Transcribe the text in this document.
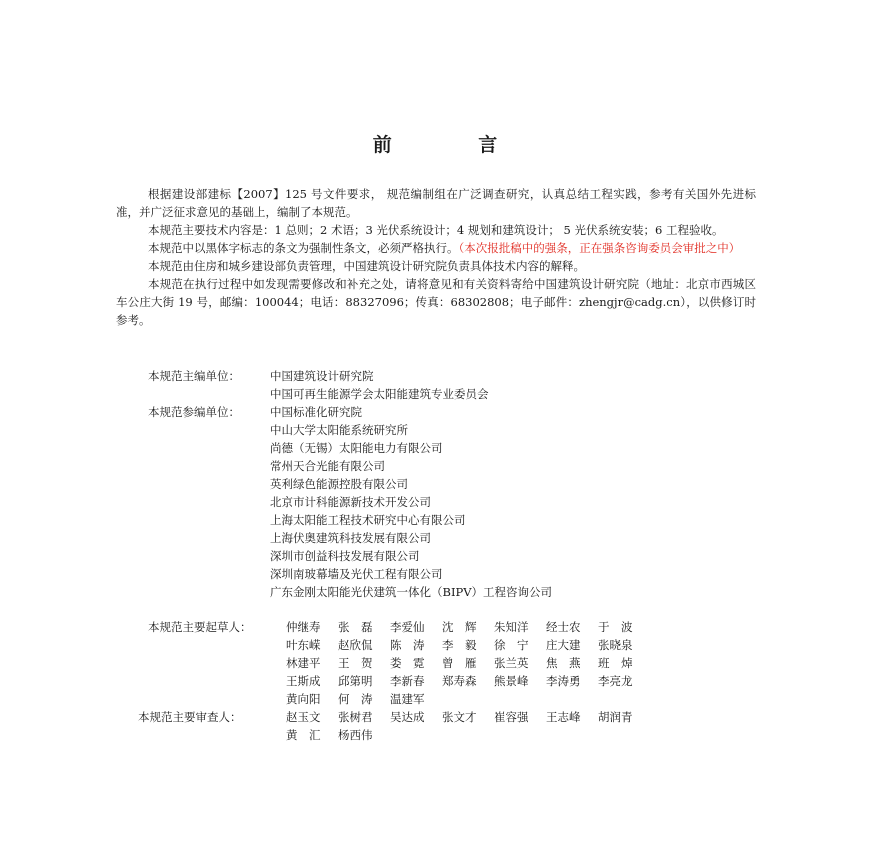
前 言

根据建设部建标【2007】125 号文件要求， 规范编制组在广泛调查研究，认真总结工程实践，参考有关国外先进标准，并广泛征求意见的基础上，编制了本规范。

本规范主要技术内容是：1 总则；2 术语；3 光伏系统设计；4 规划和建筑设计； 5 光伏系统安装；6 工程验收。

本规范中以黑体字标志的条文为强制性条文，必须严格执行。（本次报批稿中的强条，正在强条咨询委员会审批之中）

本规范由住房和城乡建设部负责管理，中国建筑设计研究院负责具体技术内容的解释。

本规范在执行过程中如发现需要修改和补充之处，请将意见和有关资料寄给中国建筑设计研究院（地址：北京市西城区车公庄大街 19 号，邮编：100044；电话：88327096；传真：68302808；电子邮件：zhengjr@cadg.cn），以供修订时参考。

本规范主编单位：	中国建筑设计研究院
中国可再生能源学会太阳能建筑专业委员会
本规范参编单位：	中国标准化研究院
中山大学太阳能系统研究所
尚德（无锡）太阳能电力有限公司
常州天合光能有限公司
英利绿色能源控股有限公司
北京市计科能源新技术开发公司
上海太阳能工程技术研究中心有限公司
上海伏奥建筑科技发展有限公司
深圳市创益科技发展有限公司
深圳南玻幕墙及光伏工程有限公司
广东金刚太阳能光伏建筑一体化（BIPV）工程咨询公司
本规范主要起草人：	仲继寿 张　磊 李爱仙 沈　辉 朱知洋 经士农 于　波
叶东嵘 赵欣侃 陈　涛 李　毅 徐　宁 庄大建 张晓泉
林建平 王　贺 娄　霓 曾　雁 张兰英 焦　燕 班　焯
王斯成 邱第明 李新春 郑寿森 熊景峰 李涛勇 李亮龙
黄向阳 何　涛 温建军
本规范主要审查人：	赵玉文 张树君 吴达成 张文才 崔容强 王志峰 胡润青
黄　汇 杨西伟
